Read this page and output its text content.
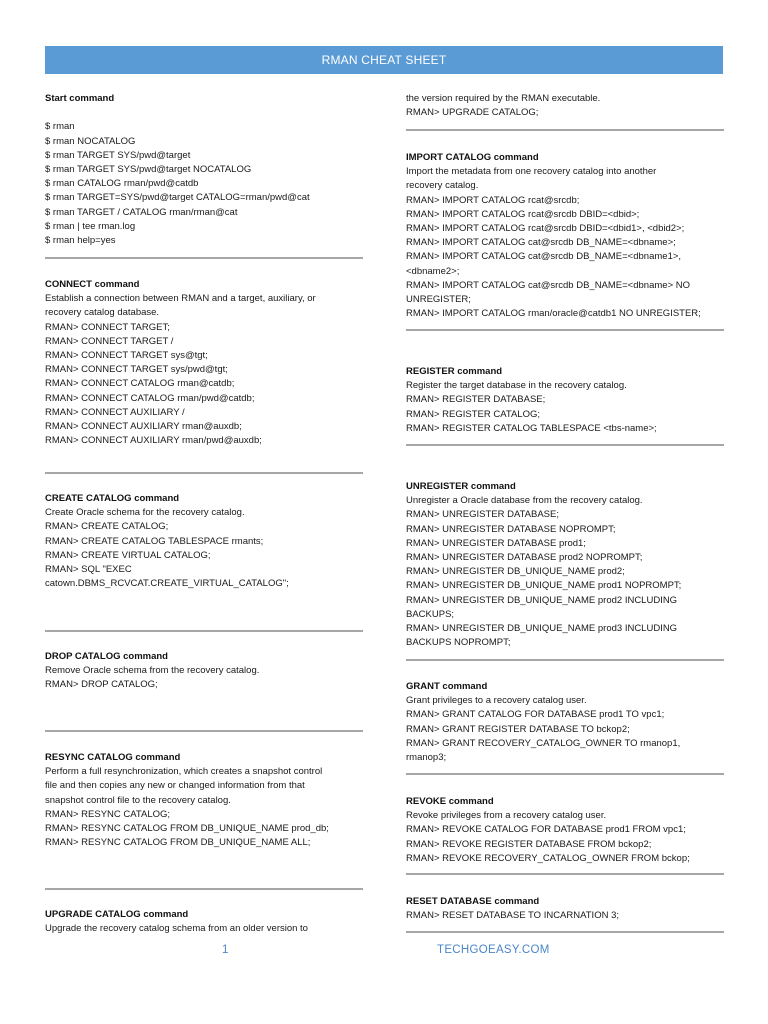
RMAN CHEAT SHEET
Start command
$ rman
$ rman NOCATALOG
$ rman TARGET SYS/pwd@target
$ rman TARGET SYS/pwd@target NOCATALOG
$ rman CATALOG rman/pwd@catdb
$ rman TARGET=SYS/pwd@target CATALOG=rman/pwd@cat
$ rman TARGET / CATALOG rman/rman@cat
$ rman | tee rman.log
$ rman help=yes
CONNECT command
Establish a connection between RMAN and a target, auxiliary, or
recovery catalog database.
RMAN> CONNECT TARGET;
RMAN> CONNECT TARGET /
RMAN> CONNECT TARGET sys@tgt;
RMAN> CONNECT TARGET sys/pwd@tgt;
RMAN> CONNECT CATALOG rman@catdb;
RMAN> CONNECT CATALOG rman/pwd@catdb;
RMAN> CONNECT AUXILIARY /
RMAN> CONNECT AUXILIARY rman@auxdb;
RMAN> CONNECT AUXILIARY rman/pwd@auxdb;
CREATE CATALOG command
Create Oracle schema for the recovery catalog.
RMAN> CREATE CATALOG;
RMAN> CREATE CATALOG TABLESPACE rmants;
RMAN> CREATE VIRTUAL CATALOG;
RMAN> SQL "EXEC
catown.DBMS_RCVCAT.CREATE_VIRTUAL_CATALOG";
DROP CATALOG command
Remove Oracle schema from the recovery catalog.
RMAN> DROP CATALOG;
RESYNC CATALOG command
Perform a full resynchronization, which creates a snapshot control
file and then copies any new or changed information from that
snapshot control file to the recovery catalog.
RMAN> RESYNC CATALOG;
RMAN> RESYNC CATALOG FROM DB_UNIQUE_NAME prod_db;
RMAN> RESYNC CATALOG FROM DB_UNIQUE_NAME ALL;
UPGRADE CATALOG command
Upgrade the recovery catalog schema from an older version to
the version required by the RMAN executable.
RMAN> UPGRADE CATALOG;
IMPORT CATALOG command
Import the metadata from one recovery catalog into another
recovery catalog.
RMAN> IMPORT CATALOG rcat@srcdb;
RMAN> IMPORT CATALOG rcat@srcdb DBID=<dbid>;
RMAN> IMPORT CATALOG rcat@srcdb DBID=<dbid1>, <dbid2>;
RMAN> IMPORT CATALOG cat@srcdb DB_NAME=<dbname>;
RMAN> IMPORT CATALOG cat@srcdb DB_NAME=<dbname1>,
<dbname2>;
RMAN> IMPORT CATALOG cat@srcdb DB_NAME=<dbname> NO
UNREGISTER;
RMAN> IMPORT CATALOG rman/oracle@catdb1 NO UNREGISTER;
REGISTER command
Register the target database in the recovery catalog.
RMAN> REGISTER DATABASE;
RMAN> REGISTER CATALOG;
RMAN> REGISTER CATALOG TABLESPACE <tbs-name>;
UNREGISTER command
Unregister a Oracle database from the recovery catalog.
RMAN> UNREGISTER DATABASE;
RMAN> UNREGISTER DATABASE NOPROMPT;
RMAN> UNREGISTER DATABASE prod1;
RMAN> UNREGISTER DATABASE prod2 NOPROMPT;
RMAN> UNREGISTER DB_UNIQUE_NAME prod2;
RMAN> UNREGISTER DB_UNIQUE_NAME prod1 NOPROMPT;
RMAN> UNREGISTER DB_UNIQUE_NAME prod2 INCLUDING
BACKUPS;
RMAN> UNREGISTER DB_UNIQUE_NAME prod3 INCLUDING
BACKUPS NOPROMPT;
GRANT command
Grant privileges to a recovery catalog user.
RMAN> GRANT CATALOG FOR DATABASE prod1 TO vpc1;
RMAN> GRANT REGISTER DATABASE TO bckop2;
RMAN> GRANT RECOVERY_CATALOG_OWNER TO rmanop1,
rmanop3;
REVOKE command
Revoke privileges from a recovery catalog user.
RMAN> REVOKE CATALOG FOR DATABASE prod1 FROM vpc1;
RMAN> REVOKE REGISTER DATABASE FROM bckop2;
RMAN> REVOKE RECOVERY_CATALOG_OWNER FROM bckop;
RESET DATABASE command
RMAN> RESET DATABASE TO INCARNATION 3;
1	TECHGOEASY.COM
